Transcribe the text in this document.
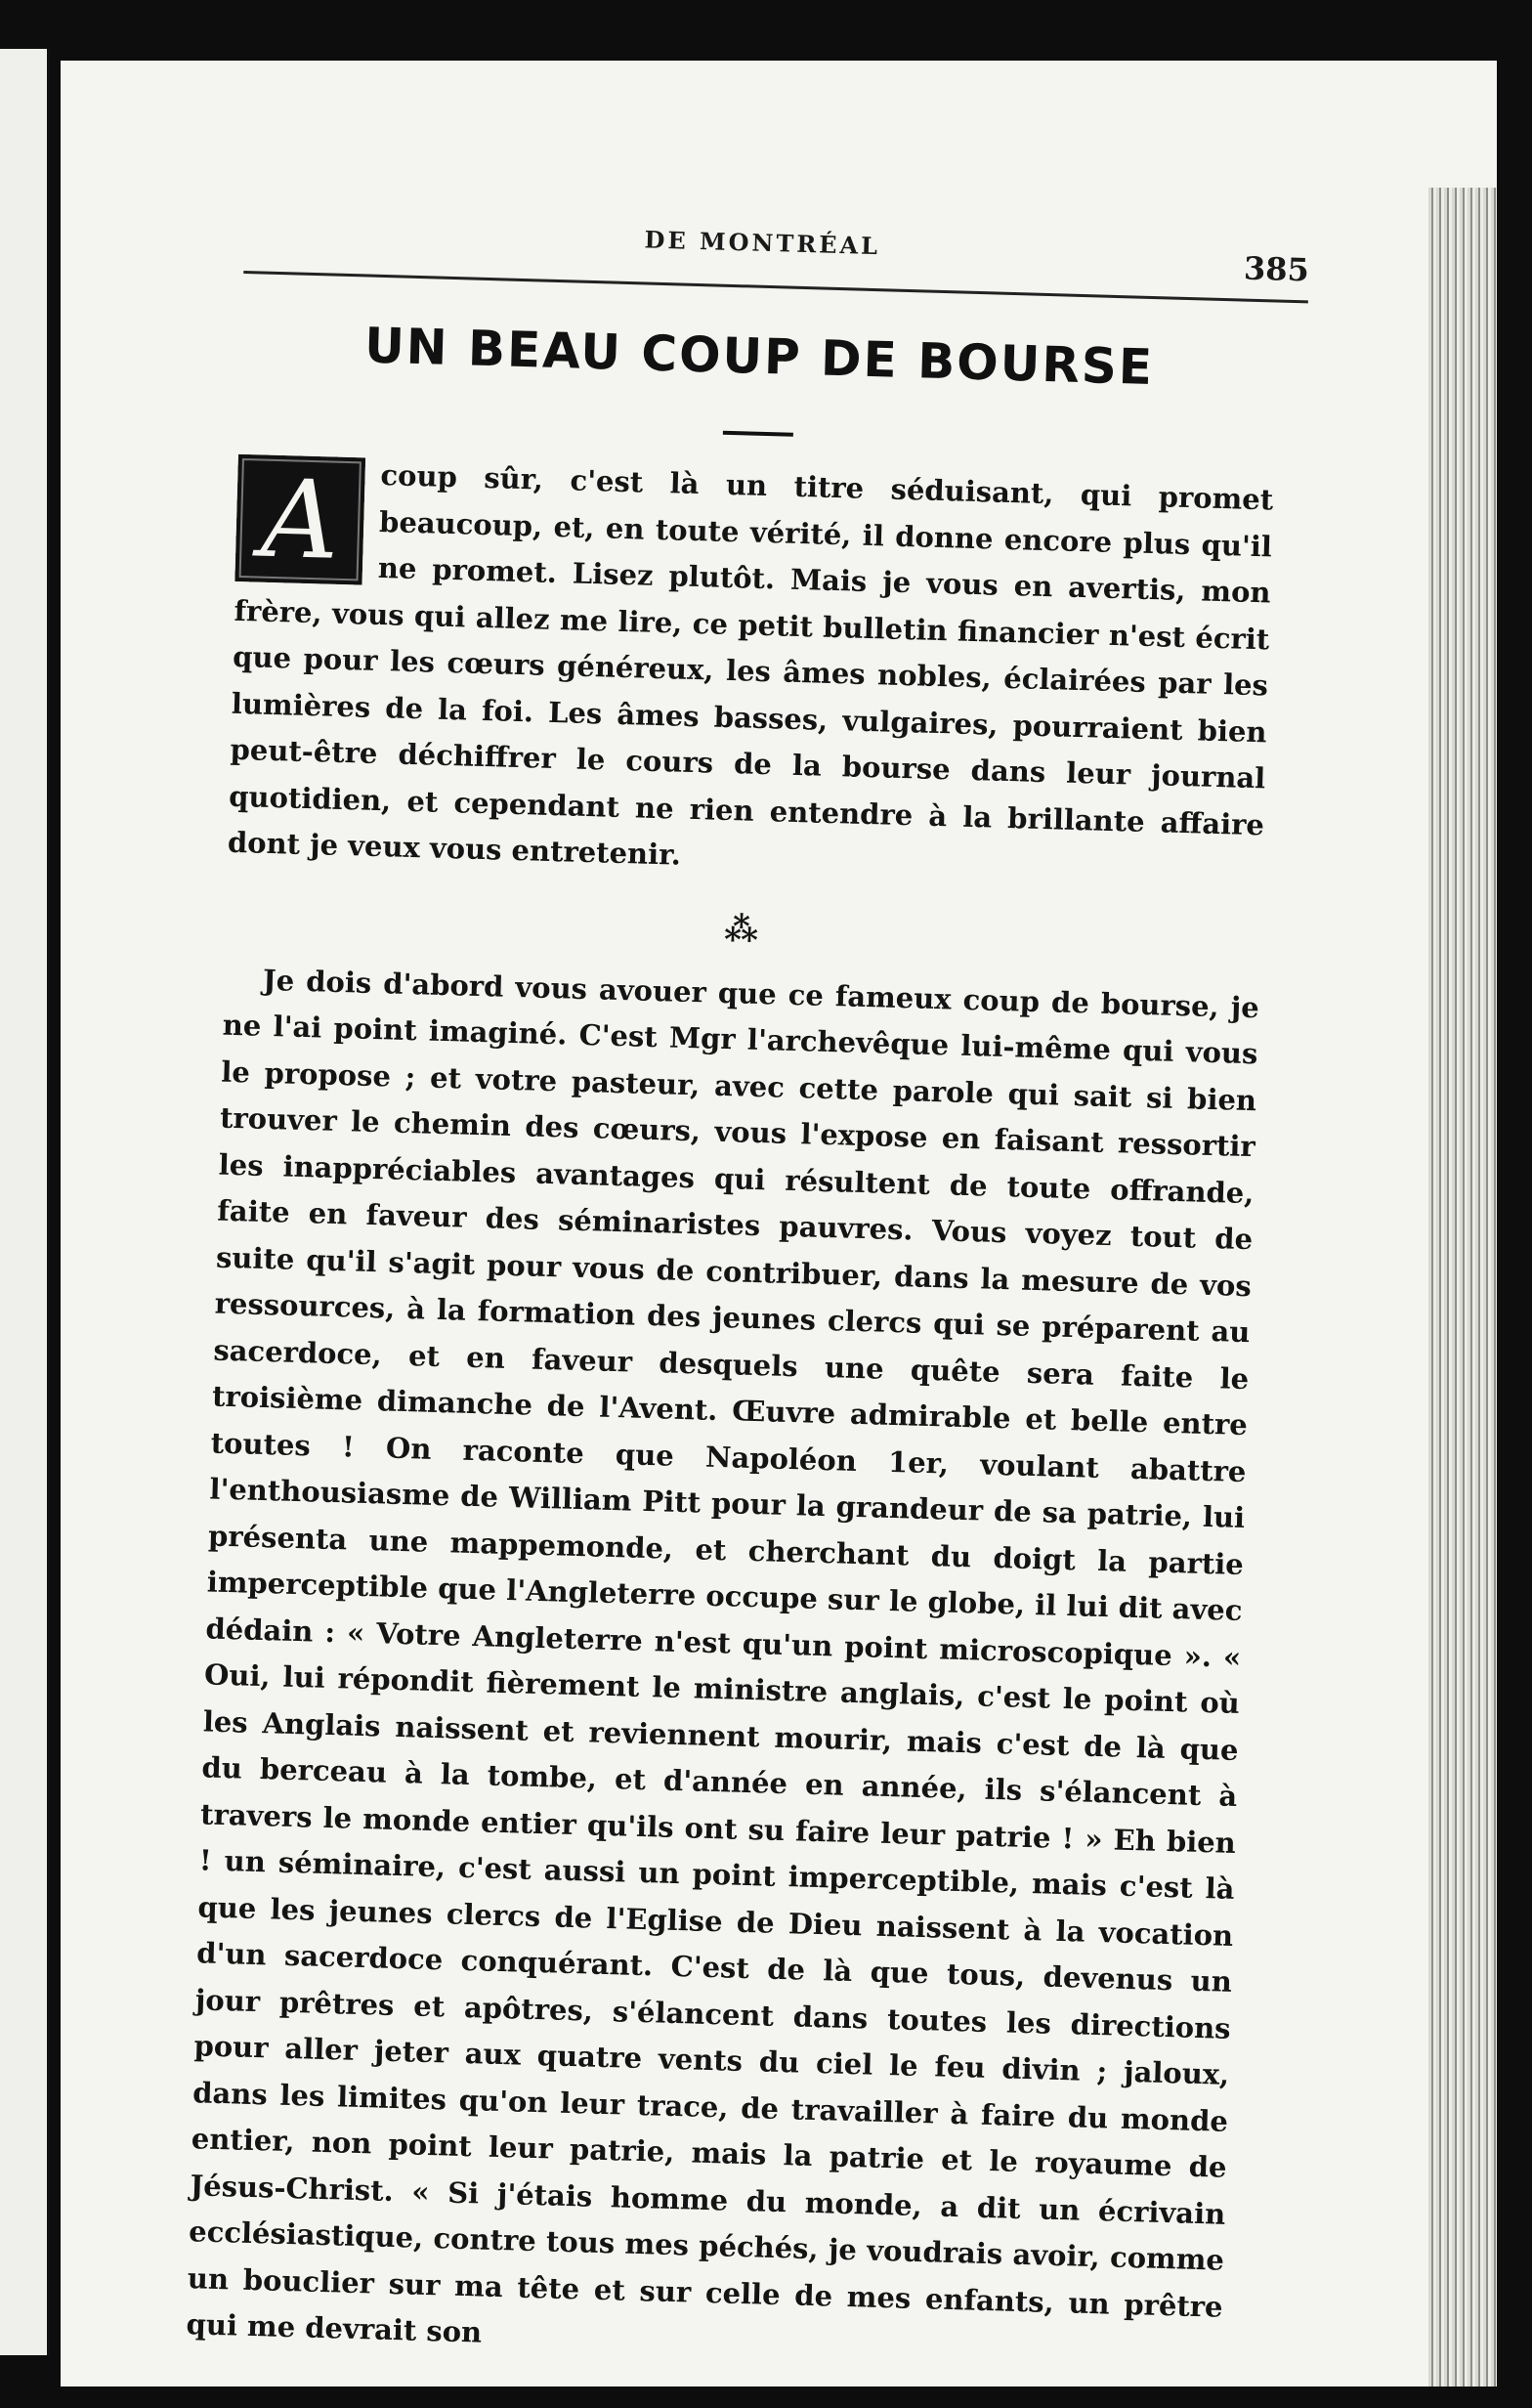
DE MONTRÉAL
385
UN BEAU COUP DE BOURSE

A	coup sûr, c'est là un titre séduisant, qui promet beaucoup, et, en toute vérité, il donne encore plus qu'il ne promet. Lisez plutôt. Mais je vous en avertis, mon frère, vous qui allez me lire, ce petit bulletin financier n'est écrit que pour les cœurs généreux, les âmes nobles, éclairées par les lumières de la foi. Les âmes basses, vulgaires, pourraient bien peut-être déchiffrer le cours de la bourse dans leur journal quotidien, et cependant ne rien entendre à la brillante affaire dont je veux vous entretenir.

⁂

Je dois d'abord vous avouer que ce fameux coup de bourse, je ne l'ai point imaginé. C'est Mgr l'archevêque lui-même qui vous le propose ; et votre pasteur, avec cette parole qui sait si bien trouver le chemin des cœurs, vous l'expose en faisant ressortir les inappréciables avantages qui résultent de toute offrande, faite en faveur des séminaristes pauvres. Vous voyez tout de suite qu'il s'agit pour vous de contribuer, dans la mesure de vos ressources, à la formation des jeunes clercs qui se préparent au sacerdoce, et en faveur desquels une quête sera faite le troisième dimanche de l'Avent. Œuvre admirable et belle entre toutes ! On raconte que Napoléon 1er, voulant abattre l'enthousiasme de William Pitt pour la grandeur de sa patrie, lui présenta une mappemonde, et cherchant du doigt la partie imperceptible que l'Angleterre occupe sur le globe, il lui dit avec dédain : « Votre Angleterre n'est qu'un point microscopique ». « Oui, lui répondit fièrement le ministre anglais, c'est le point où les Anglais naissent et reviennent mourir, mais c'est de là que du berceau à la tombe, et d'année en année, ils s'élancent à travers le monde entier qu'ils ont su faire leur patrie ! » Eh bien ! un séminaire, c'est aussi un point imperceptible, mais c'est là que les jeunes clercs de l'Eglise de Dieu naissent à la vocation d'un sacerdoce conquérant. C'est de là que tous, devenus un jour prêtres et apôtres, s'élancent dans toutes les directions pour aller jeter aux quatre vents du ciel le feu divin ; jaloux, dans les limites qu'on leur trace, de travailler à faire du monde entier, non point leur patrie, mais la patrie et le royaume de Jésus-Christ. « Si j'étais homme du monde, a dit un écrivain ecclésiastique, contre tous mes péchés, je voudrais avoir, comme un bouclier sur ma tête et sur celle de mes enfants, un prêtre qui me devrait son
